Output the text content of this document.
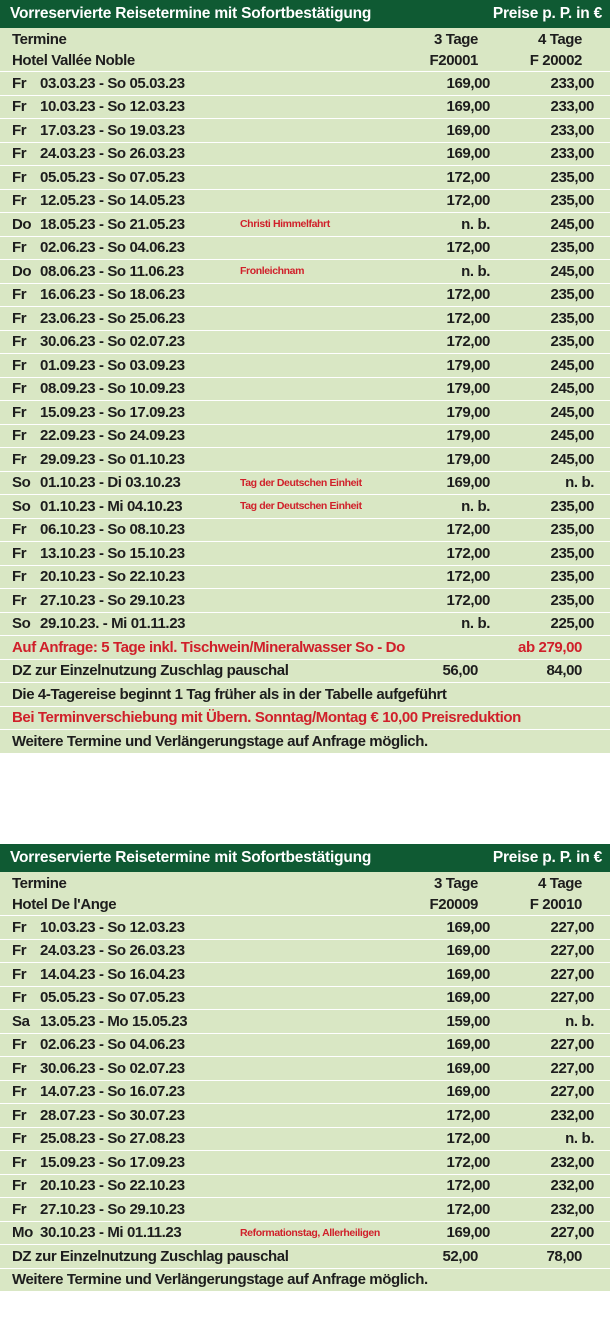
Vorreservierte Reisetermine mit Sofortbestätigung	Preise p. P. in €
Termine	3 Tage	4 Tage
Hotel Vallée Noble	F20001	F 20002
Fr 03.03.23 - So 05.03.23	169,00	233,00
Fr 10.03.23 - So 12.03.23	169,00	233,00
Fr 17.03.23 - So 19.03.23	169,00	233,00
Fr 24.03.23 - So 26.03.23	169,00	233,00
Fr 05.05.23 - So 07.05.23	172,00	235,00
Fr 12.05.23 - So 14.05.23	172,00	235,00
Do 18.05.23 - So 21.05.23	Christi Himmelfahrt	n. b.	245,00
Fr 02.06.23 - So 04.06.23	172,00	235,00
Do 08.06.23 - So 11.06.23	Fronleichnam	n. b.	245,00
Fr 16.06.23 - So 18.06.23	172,00	235,00
Fr 23.06.23 - So 25.06.23	172,00	235,00
Fr 30.06.23 - So 02.07.23	172,00	235,00
Fr 01.09.23 - So 03.09.23	179,00	245,00
Fr 08.09.23 - So 10.09.23	179,00	245,00
Fr 15.09.23 - So 17.09.23	179,00	245,00
Fr 22.09.23 - So 24.09.23	179,00	245,00
Fr 29.09.23 - So 01.10.23	179,00	245,00
So 01.10.23 - Di 03.10.23	Tag der Deutschen Einheit	169,00	n. b.
So 01.10.23 - Mi 04.10.23	Tag der Deutschen Einheit	n. b.	235,00
Fr 06.10.23 - So 08.10.23	172,00	235,00
Fr 13.10.23 - So 15.10.23	172,00	235,00
Fr 20.10.23 - So 22.10.23	172,00	235,00
Fr 27.10.23 - So 29.10.23	172,00	235,00
So 29.10.23. - Mi 01.11.23	n. b.	225,00
Auf Anfrage: 5 Tage inkl. Tischwein/Mineralwasser So - Do	ab 279,00
DZ zur Einzelnutzung Zuschlag pauschal	56,00	84,00
Die 4-Tagereise beginnt 1 Tag früher als in der Tabelle aufgeführt
Bei Terminverschiebung mit Übern. Sonntag/Montag € 10,00 Preisreduktion
Weitere Termine und Verlängerungstage auf Anfrage möglich.
Vorreservierte Reisetermine mit Sofortbestätigung	Preise p. P. in €
Termine	3 Tage	4 Tage
Hotel De l'Ange	F20009	F 20010
Fr 10.03.23 - So 12.03.23	169,00	227,00
Fr 24.03.23 - So 26.03.23	169,00	227,00
Fr 14.04.23 - So 16.04.23	169,00	227,00
Fr 05.05.23 - So 07.05.23	169,00	227,00
Sa 13.05.23 - Mo 15.05.23	159,00	n. b.
Fr 02.06.23 - So 04.06.23	169,00	227,00
Fr 30.06.23 - So 02.07.23	169,00	227,00
Fr 14.07.23 - So 16.07.23	169,00	227,00
Fr 28.07.23 - So 30.07.23	172,00	232,00
Fr 25.08.23 - So 27.08.23	172,00	n. b.
Fr 15.09.23 - So 17.09.23	172,00	232,00
Fr 20.10.23 - So 22.10.23	172,00	232,00
Fr 27.10.23 - So 29.10.23	172,00	232,00
Mo 30.10.23 - Mi 01.11.23	Reformationstag, Allerheiligen	169,00	227,00
DZ zur Einzelnutzung Zuschlag pauschal	52,00	78,00
Weitere Termine und Verlängerungstage auf Anfrage möglich.
